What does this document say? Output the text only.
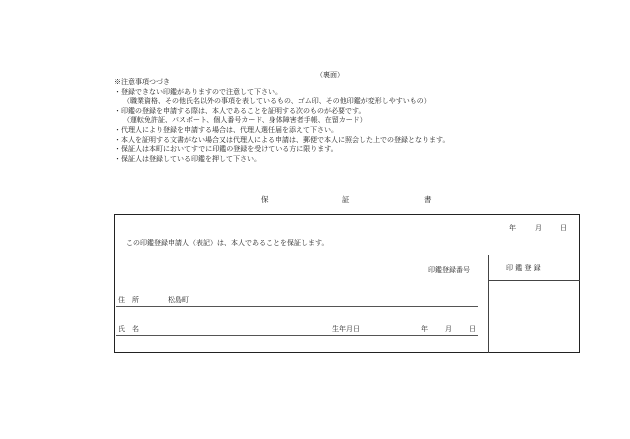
（裏面）
※注意事項つづき
・登録できない印鑑がありますので注意して下さい。
（職業資格、その他氏名以外の事項を表しているもの、ゴム印、その他印鑑が変形しやすいもの）
・印鑑の登録を申請する際は、本人であることを証明する次のものが必要です。
（運転免許証、パスポート、個人番号カード、身体障害者手帳、在留カード）
・代理人により登録を申請する場合は、代理人選任届を添えて下さい。
・本人を証明する文書がない場合又は代理人による申請は、郵便で本人に照会した上での登録となります。
・保証人は本町においてすでに印鑑の登録を受けている方に限ります。
・保証人は登録している印鑑を押して下さい。
保	証	書
年	月	日
この印鑑登録申請人（表記）は、本人であることを保証します。
印鑑登録番号	印 鑑 登 録
住　所	松島町
氏　名	生年月日	年 月 日
